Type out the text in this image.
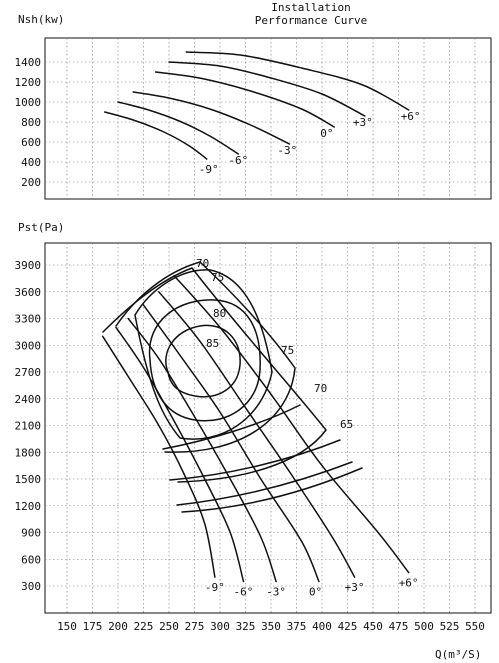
Installation
Performance Curve
1400
1200
1000
800
600
400
200
Nsh(kw)
-9°
-6°
-3°
0°
+3°	+6°
3900
3600
3300
3000
2700
2400
2100
1800
1500
1200
900
600
300
150 175 200 225 250 275 300 325 350 375 400 425 450 475 500 525 550
Pst(Pa)
Q(m³/S)
-9° -6° -3° 0° +3°	+6°
70
75
80
85
75
70
65
